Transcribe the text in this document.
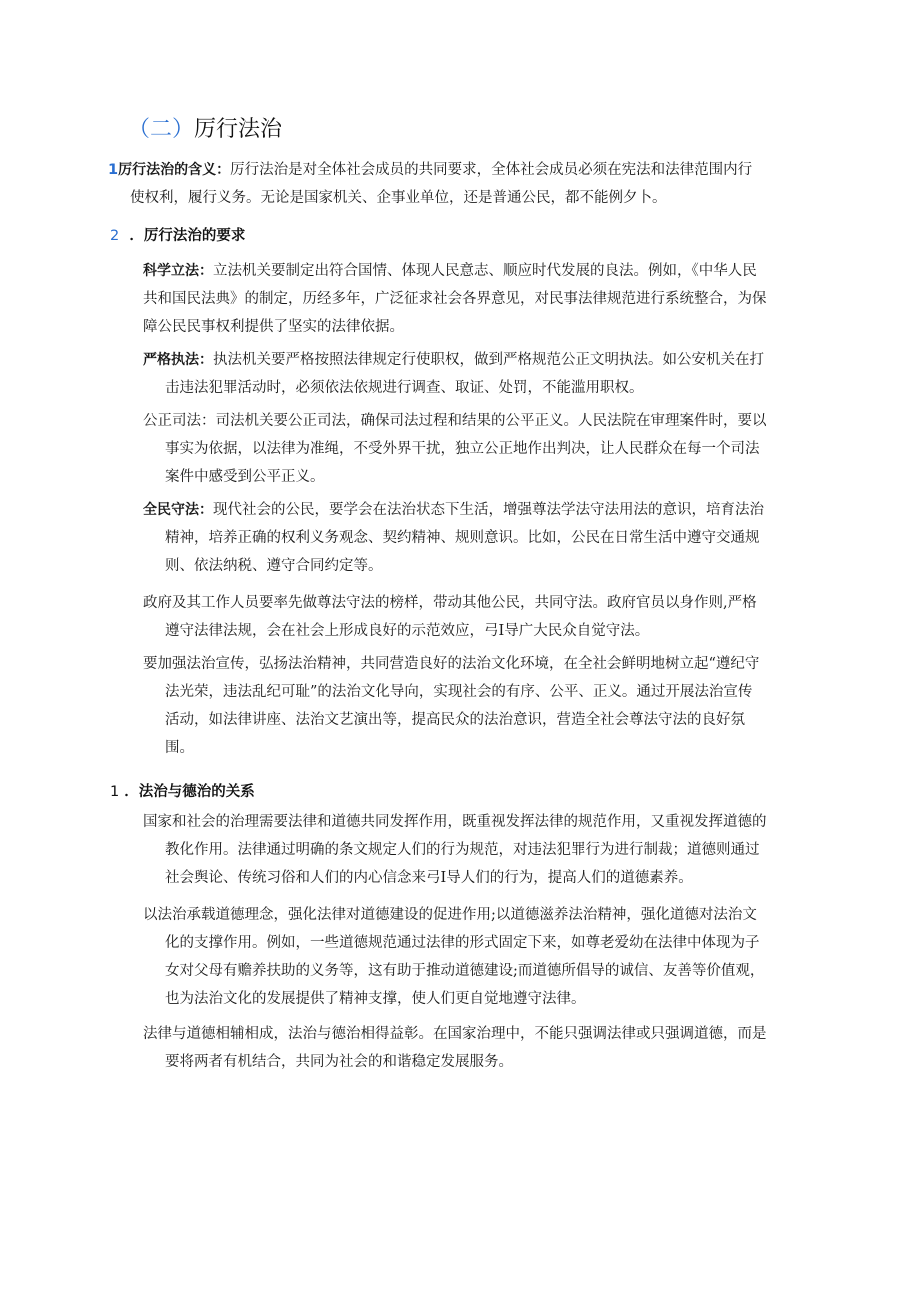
（二）厉行法治
1厉行法治的含义：厉行法治是对全体社会成员的共同要求，全体社会成员必须在宪法和法律范围内行
使权利，履行义务。无论是国家机关、企事业单位，还是普通公民，都不能例夕卜。
2 ．厉行法治的要求
科学立法：立法机关要制定出符合国情、体现人民意志、顺应时代发展的良法。例如，《中华人民
共和国民法典》的制定，历经多年，广泛征求社会各界意见，对民事法律规范进行系统整合，为保
障公民民事权利提供了坚实的法律依据。
严格执法：执法机关要严格按照法律规定行使职权，做到严格规范公正文明执法。如公安机关在打
击违法犯罪活动时，必须依法依规进行调查、取证、处罚，不能滥用职权。
公正司法：司法机关要公正司法，确保司法过程和结果的公平正义。人民法院在审理案件时，要以
事实为依据，以法律为准绳，不受外界干扰，独立公正地作出判决，让人民群众在每一个司法
案件中感受到公平正义。
全民守法：现代社会的公民，要学会在法治状态下生活，增强尊法学法守法用法的意识，培育法治
精神，培养正确的权利义务观念、契约精神、规则意识。比如，公民在日常生活中遵守交通规
则、依法纳税、遵守合同约定等。
政府及其工作人员要率先做尊法守法的榜样，带动其他公民，共同守法。政府官员以身作则,严格
遵守法律法规，会在社会上形成良好的示范效应，弓I导广大民众自觉守法。
要加强法治宣传，弘扬法治精神，共同营造良好的法治文化环境，在全社会鲜明地树立起“遵纪守
法光荣，违法乱纪可耻”的法治文化导向，实现社会的有序、公平、正义。通过开展法治宣传
活动，如法律讲座、法治文艺演出等，提高民众的法治意识，营造全社会尊法守法的良好氛
围。
1 ．法治与德治的关系
国家和社会的治理需要法律和道德共同发挥作用，既重视发挥法律的规范作用，又重视发挥道德的
教化作用。法律通过明确的条文规定人们的行为规范，对违法犯罪行为进行制裁；道德则通过
社会舆论、传统习俗和人们的内心信念来弓I导人们的行为，提高人们的道德素养。
以法治承载道德理念，强化法律对道德建设的促进作用;以道德滋养法治精神，强化道德对法治文
化的支撑作用。例如，一些道德规范通过法律的形式固定下来，如尊老爱幼在法律中体现为子
女对父母有赡养扶助的义务等，这有助于推动道德建设;而道德所倡导的诚信、友善等价值观，
也为法治文化的发展提供了精神支撑，使人们更自觉地遵守法律。
法律与道德相辅相成，法治与德治相得益彰。在国家治理中，不能只强调法律或只强调道德，而是
要将两者有机结合，共同为社会的和谐稳定发展服务。
